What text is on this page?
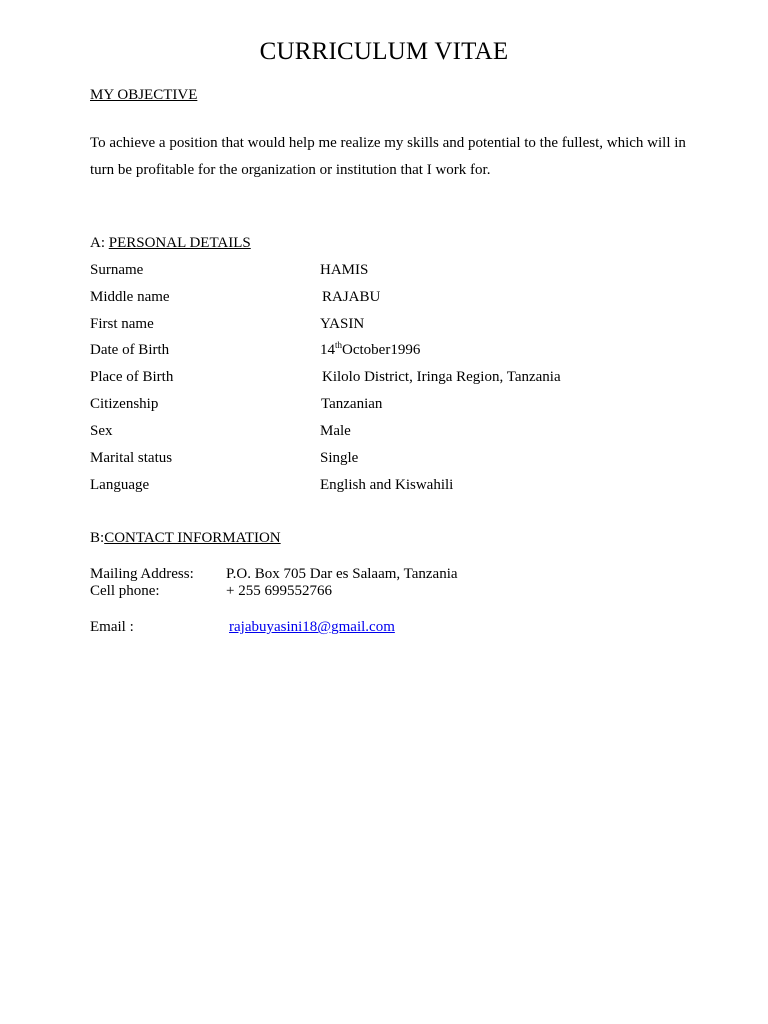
CURRICULUM VITAE

MY OBJECTIVE

To achieve a position that would help me realize my skills and potential to the fullest, which will in turn be profitable for the organization or institution that I work for.

A: PERSONAL DETAILS

Surname	HAMIS
Middle name	RAJABU
First name	YASIN
Date of Birth	14thOctober1996
Place of Birth	Kilolo District, Iringa Region, Tanzania
Citizenship	Tanzanian
Sex	Male
Marital status	Single
Language	English and Kiswahili

B:CONTACT INFORMATION

Mailing Address: P.O. Box 705 Dar es Salaam, Tanzania
Cell phone:	+ 255 699552766
Email :	rajabuyasini18@gmail.com
